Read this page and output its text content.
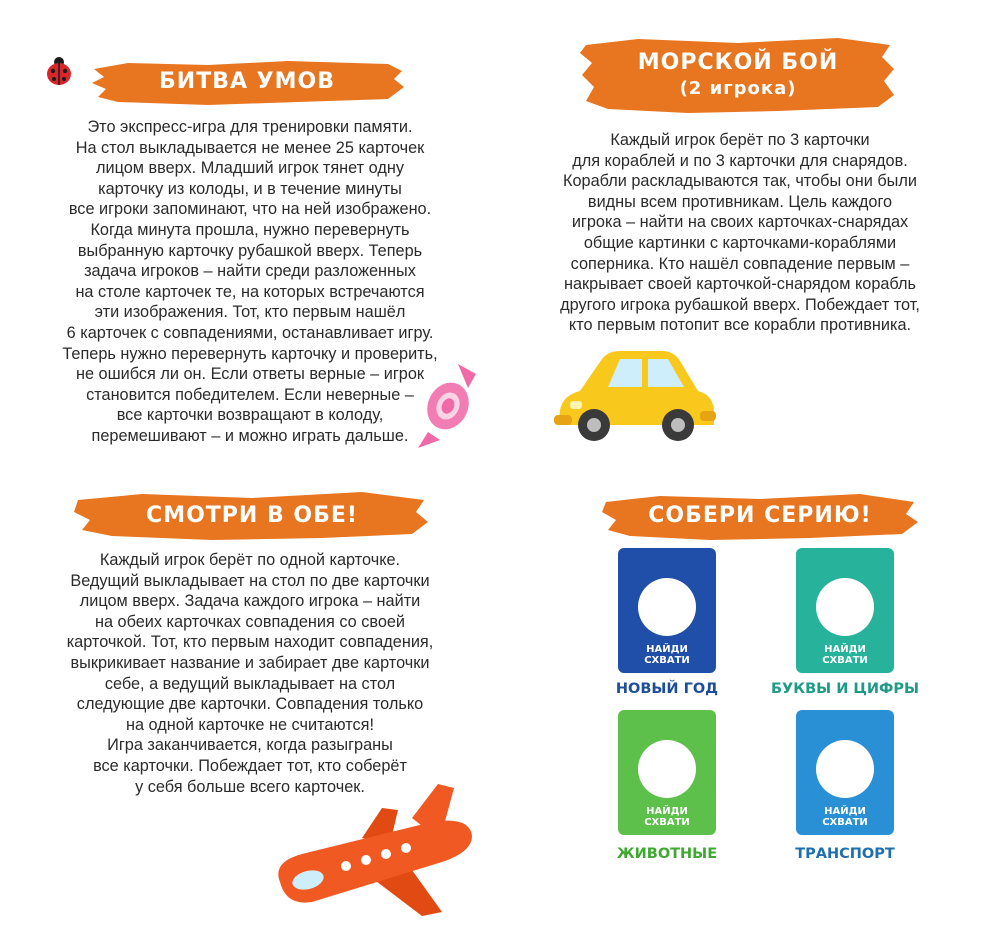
БИТВА УМОВ

Это экспресс-игра для тренировки памяти.

На стол выкладывается не менее 25 карточек

лицом вверх. Младший игрок тянет одну

карточку из колоды, и в течение минуты

все игроки запоминают, что на ней изображено.

Когда минута прошла, нужно перевернуть

выбранную карточку рубашкой вверх. Теперь

задача игроков – найти среди разложенных

на столе карточек те, на которых встречаются

эти изображения. Тот, кто первым нашёл

6 карточек с совпадениями, останавливает игру.

Теперь нужно перевернуть карточку и проверить,

не ошибся ли он. Если ответы верные – игрок

становится победителем. Если неверные –

все карточки возвращают в колоду,

перемешивают – и можно играть дальше.

МОРСКОЙ БОЙ
(2 игрока)

Каждый игрок берёт по 3 карточки

для кораблей и по 3 карточки для снарядов.

Корабли раскладываются так, чтобы они были

видны всем противникам. Цель каждого

игрока – найти на своих карточках-снарядах

общие картинки с карточками-кораблями

соперника. Кто нашёл совпадение первым –

накрывает своей карточкой-снарядом корабль

другого игрока рубашкой вверх. Побеждает тот,

кто первым потопит все корабли противника.

СМОТРИ В ОБЕ!

Каждый игрок берёт по одной карточке.

Ведущий выкладывает на стол по две карточки

лицом вверх. Задача каждого игрока – найти

на обеих карточках совпадения со своей

карточкой. Тот, кто первым находит совпадения,

выкрикивает название и забирает две карточки

себе, а ведущий выкладывает на стол

следующие две карточки. Совпадения только

на одной карточке не считаются!

Игра заканчивается, когда разыграны

все карточки. Побеждает тот, кто соберёт

у себя больше всего карточек.

СОБЕРИ СЕРИЮ!
НАЙДИ СХВАТИ
НОВЫЙ ГОД
НАЙДИ СХВАТИ
БУКВЫ И ЦИФРЫ
НАЙДИ СХВАТИ
ЖИВОТНЫЕ
НАЙДИ СХВАТИ
ТРАНСПОРТ
